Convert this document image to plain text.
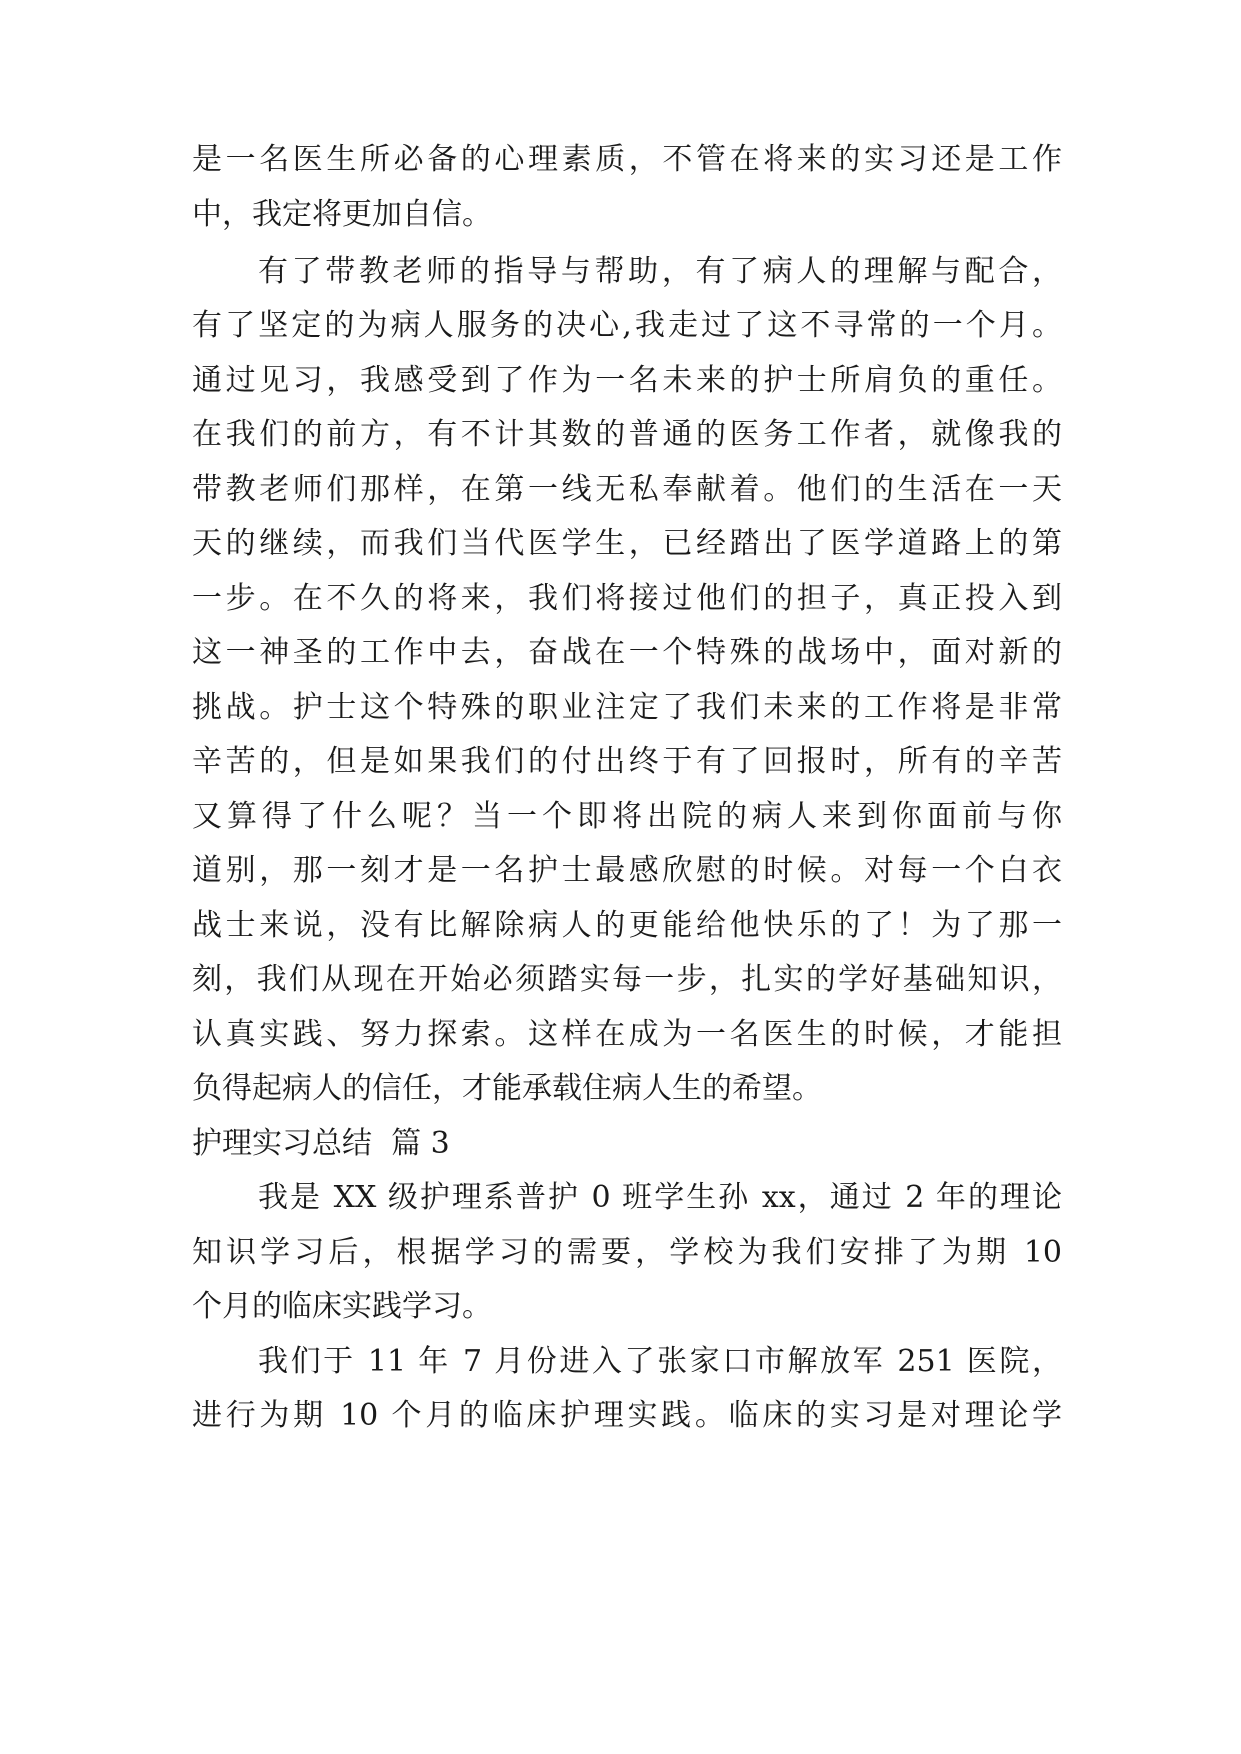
是一名医生所必备的心理素质，不管在将来的实习还是工作
中，我定将更加自信。
有了带教老师的指导与帮助，有了病人的理解与配合，
有了坚定的为病人服务的决心,我走过了这不寻常的一个月。
通过见习，我感受到了作为一名未来的护士所肩负的重任。
在我们的前方，有不计其数的普通的医务工作者，就像我的
带教老师们那样，在第一线无私奉献着。他们的生活在一天
天的继续，而我们当代医学生，已经踏出了医学道路上的第
一步。在不久的将来，我们将接过他们的担子，真正投入到
这一神圣的工作中去，奋战在一个特殊的战场中，面对新的
挑战。护士这个特殊的职业注定了我们未来的工作将是非常
辛苦的，但是如果我们的付出终于有了回报时，所有的辛苦
又算得了什么呢？当一个即将出院的病人来到你面前与你
道别，那一刻才是一名护士最感欣慰的时候。对每一个白衣
战士来说，没有比解除病人的更能给他快乐的了！为了那一
刻，我们从现在开始必须踏实每一步，扎实的学好基础知识，
认真实践、努力探索。这样在成为一名医生的时候，才能担
负得起病人的信任，才能承载住病人生的希望。
护理实习总结  篇 3
我是 XX 级护理系普护 0 班学生孙 xx，通过 2 年的理论
知识学习后，根据学习的需要，学校为我们安排了为期 10
个月的临床实践学习。
我们于 11 年 7 月份进入了张家口市解放军 251 医院，
进行为期 10 个月的临床护理实践。临床的实习是对理论学
